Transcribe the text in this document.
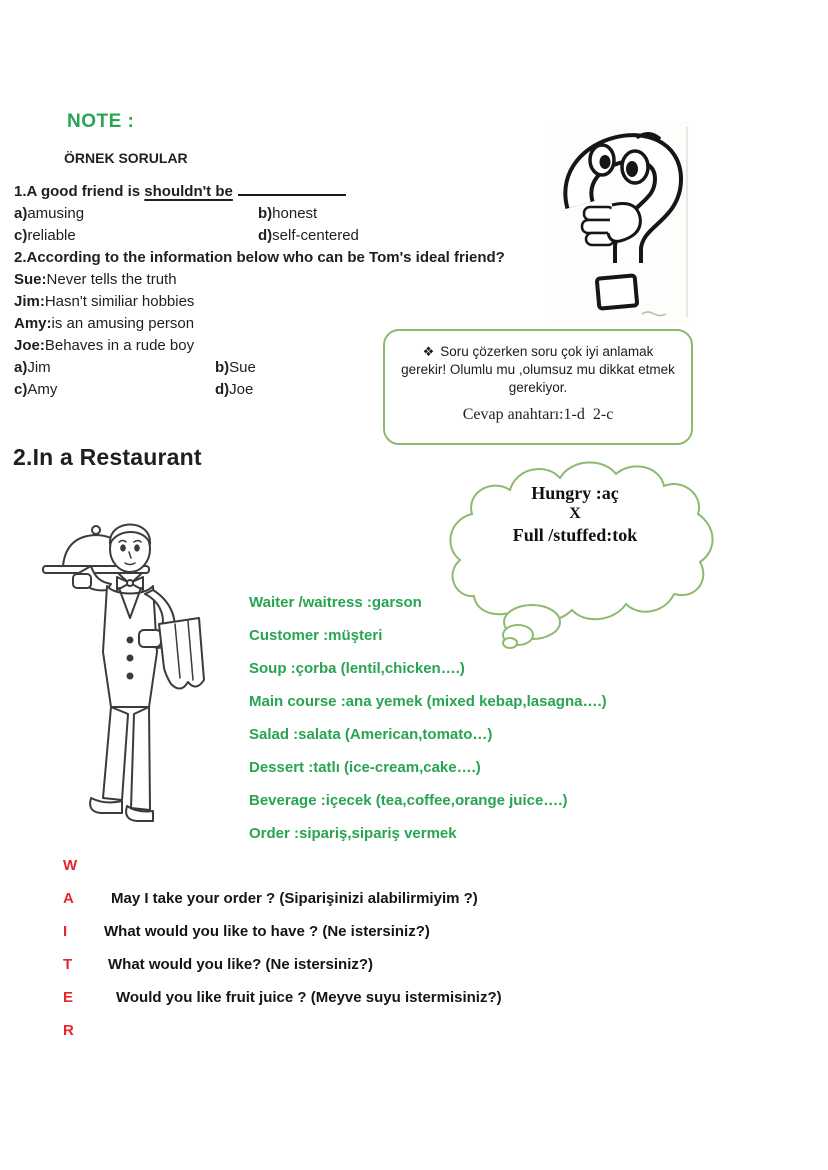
NOTE :
ÖRNEK SORULAR
1.A good friend is shouldn't be
a)amusing	b)honest
c)reliable	d)self-centered
2.According to the information below who can be Tom's ideal friend?
Sue:Never tells the truth
Jim:Hasn't similiar hobbies
Amy:is an amusing person
Joe:Behaves in a rude boy
a)Jim	b)Sue
c)Amy	d)Joe
❖ Soru çözerken soru çok iyi anlamak gerekir! Olumlu mu ,olumsuz mu dikkat etmek gerekiyor.
Cevap anahtarı:1-d  2-c
2.In a Restaurant
Hungry :aç
X
Full /stuffed:tok
Waiter /waitress :garson
Customer :müşteri
Soup :çorba (lentil,chicken….)
Main course :ana yemek (mixed kebap,lasagna….)
Salad :salata (American,tomato…)
Dessert :tatlı (ice-cream,cake….)
Beverage :içecek (tea,coffee,orange juice….)
Order :sipariş,sipariş vermek
W
A May I take your order ? (Siparişinizi alabilirmiyim ?)
I What would you like to have ? (Ne istersiniz?)
T What would you like? (Ne istersiniz?)
E	Would you like fruit juice ? (Meyve suyu istermisiniz?)
R
